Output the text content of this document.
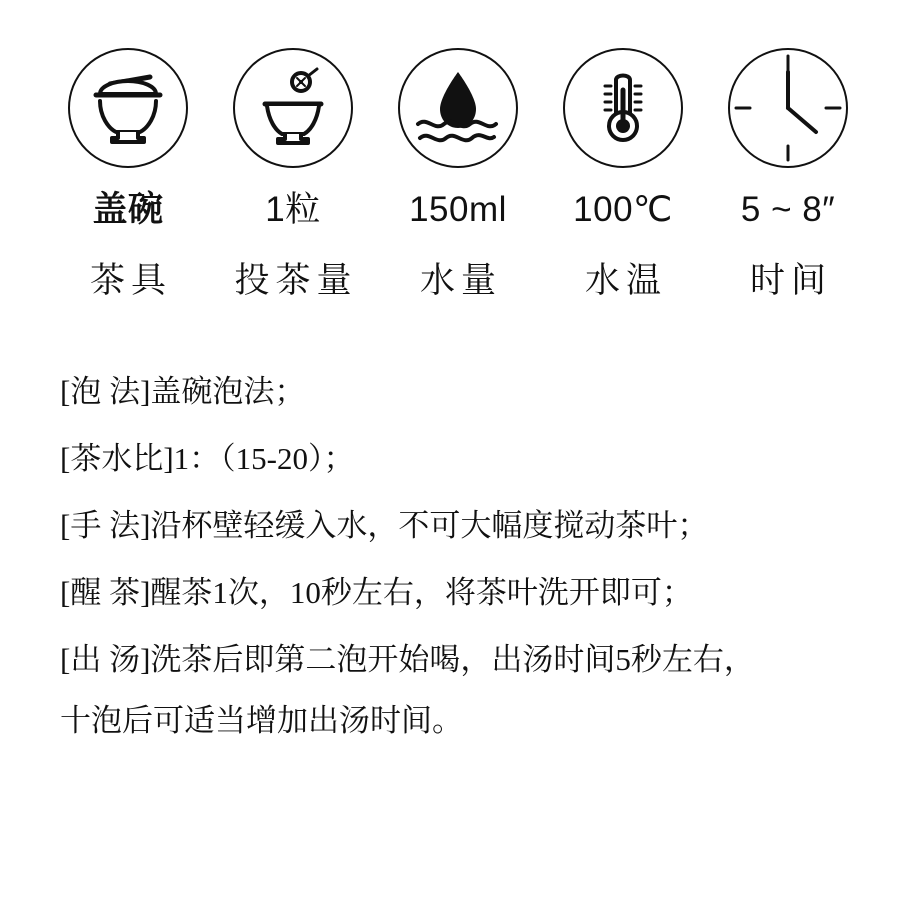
盖碗
茶具
1粒
投茶量
150ml
水量
100℃
水温
5 ~ 8″
时间
[泡 法]盖碗泡法；
[茶水比]1：（15-20）；
[手 法]沿杯壁轻缓入水，不可大幅度搅动茶叶；
[醒 茶]醒茶1次，10秒左右，将茶叶洗开即可；
[出 汤]洗茶后即第二泡开始喝，出汤时间5秒左右，
十泡后可适当增加出汤时间。
